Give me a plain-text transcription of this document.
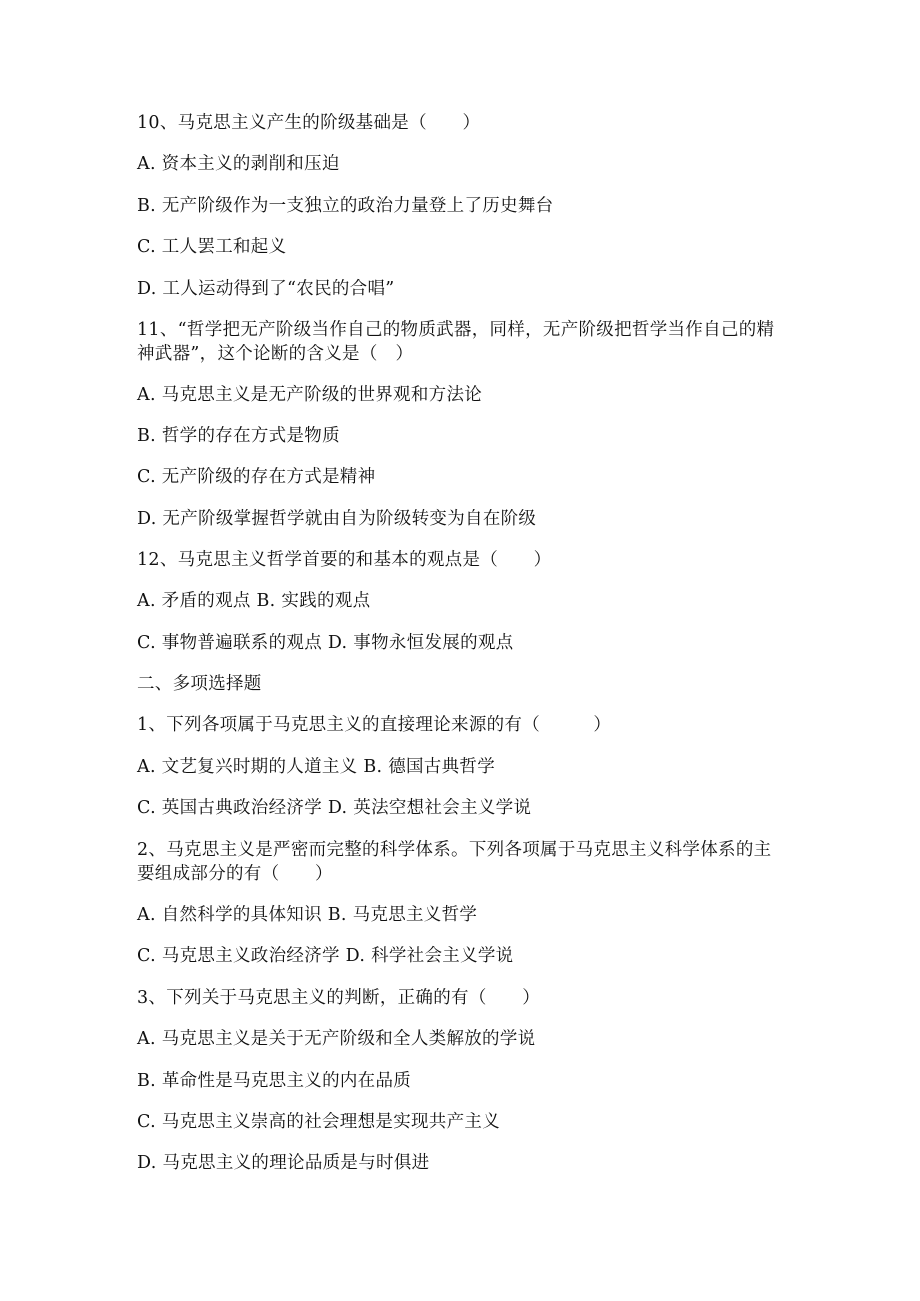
10、马克思主义产生的阶级基础是（　　）
A. 资本主义的剥削和压迫
B. 无产阶级作为一支独立的政治力量登上了历史舞台
C. 工人罢工和起义
D. 工人运动得到了“农民的合唱”
11、“哲学把无产阶级当作自己的物质武器，同样，无产阶级把哲学当作自己的精神武器”，这个论断的含义是（　）
A. 马克思主义是无产阶级的世界观和方法论
B. 哲学的存在方式是物质
C. 无产阶级的存在方式是精神
D. 无产阶级掌握哲学就由自为阶级转变为自在阶级
12、马克思主义哲学首要的和基本的观点是（　　）
A. 矛盾的观点 B. 实践的观点
C. 事物普遍联系的观点 D. 事物永恒发展的观点
二、多项选择题
1、下列各项属于马克思主义的直接理论来源的有（　　　）
A. 文艺复兴时期的人道主义 B. 德国古典哲学
C. 英国古典政治经济学 D. 英法空想社会主义学说
2、马克思主义是严密而完整的科学体系。下列各项属于马克思主义科学体系的主要组成部分的有（　　）
A. 自然科学的具体知识 B. 马克思主义哲学
C. 马克思主义政治经济学 D. 科学社会主义学说
3、下列关于马克思主义的判断，正确的有（　　）
A. 马克思主义是关于无产阶级和全人类解放的学说
B. 革命性是马克思主义的内在品质
C. 马克思主义崇高的社会理想是实现共产主义
D. 马克思主义的理论品质是与时俱进
